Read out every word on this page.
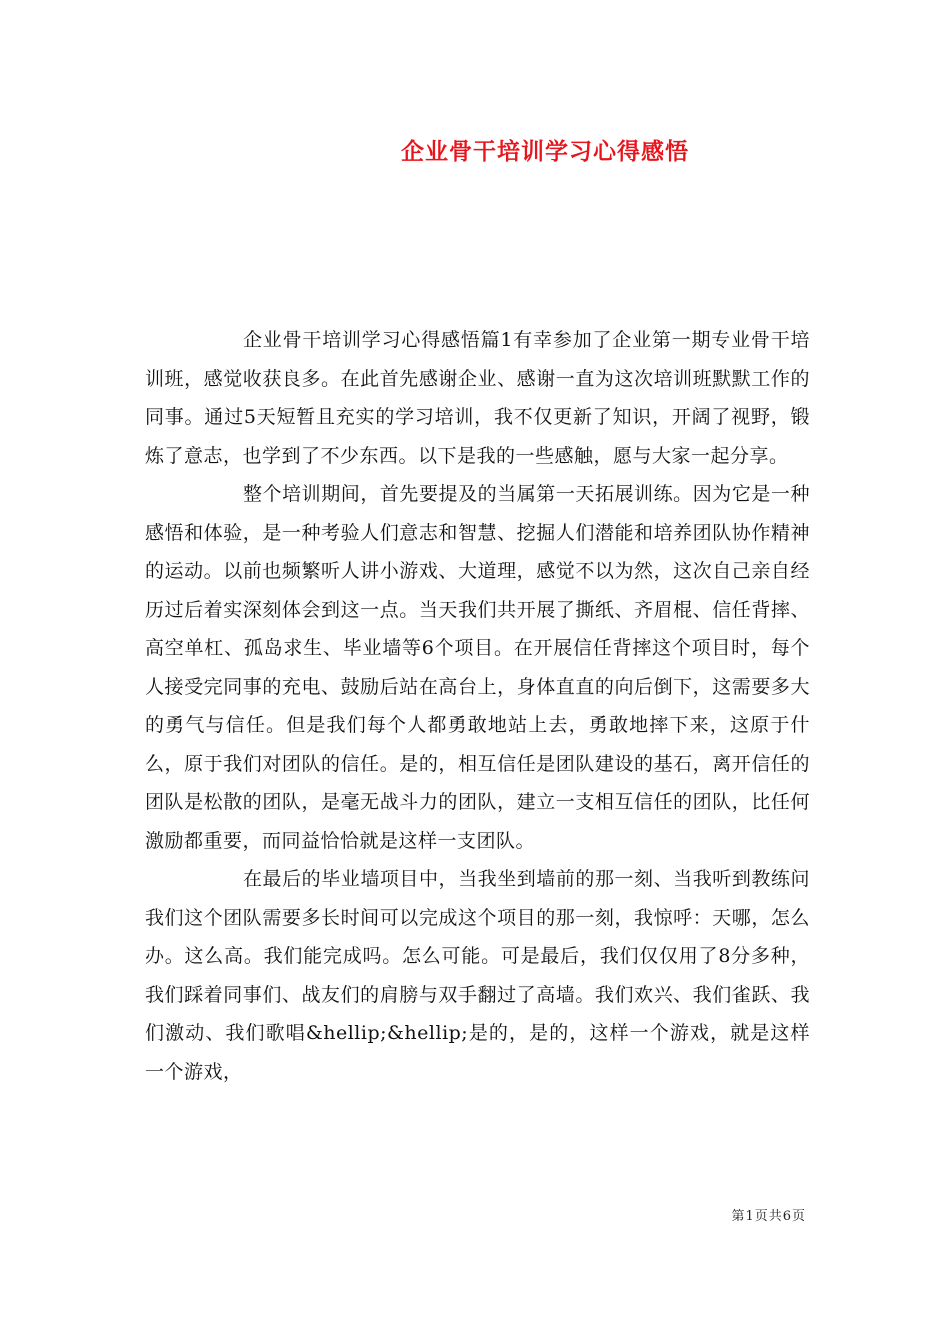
企业骨干培训学习心得感悟

企业骨干培训学习心得感悟篇1有幸参加了企业第一期专业骨干培训班，感觉收获良多。在此首先感谢企业、感谢一直为这次培训班默默工作的同事。通过5天短暂且充实的学习培训，我不仅更新了知识，开阔了视野，锻炼了意志，也学到了不少东西。以下是我的一些感触，愿与大家一起分享。

整个培训期间，首先要提及的当属第一天拓展训练。因为它是一种感悟和体验，是一种考验人们意志和智慧、挖掘人们潜能和培养团队协作精神的运动。以前也频繁听人讲小游戏、大道理，感觉不以为然，这次自己亲自经历过后着实深刻体会到这一点。当天我们共开展了撕纸、齐眉棍、信任背摔、高空单杠、孤岛求生、毕业墙等6个项目。在开展信任背摔这个项目时，每个人接受完同事的充电、鼓励后站在高台上，身体直直的向后倒下，这需要多大的勇气与信任。但是我们每个人都勇敢地站上去，勇敢地摔下来，这原于什么，原于我们对团队的信任。是的，相互信任是团队建设的基石，离开信任的团队是松散的团队，是毫无战斗力的团队，建立一支相互信任的团队，比任何激励都重要，而同益恰恰就是这样一支团队。

在最后的毕业墙项目中，当我坐到墙前的那一刻、当我听到教练问我们这个团队需要多长时间可以完成这个项目的那一刻，我惊呼：天哪，怎么办。这么高。我们能完成吗。怎么可能。可是最后，我们仅仅用了8分多种，我们踩着同事们、战友们的肩膀与双手翻过了高墙。我们欢兴、我们雀跃、我们激动、我们歌唱&hellip;&hellip;是的，是的，这样一个游戏，就是这样一个游戏，

第1页共6页
